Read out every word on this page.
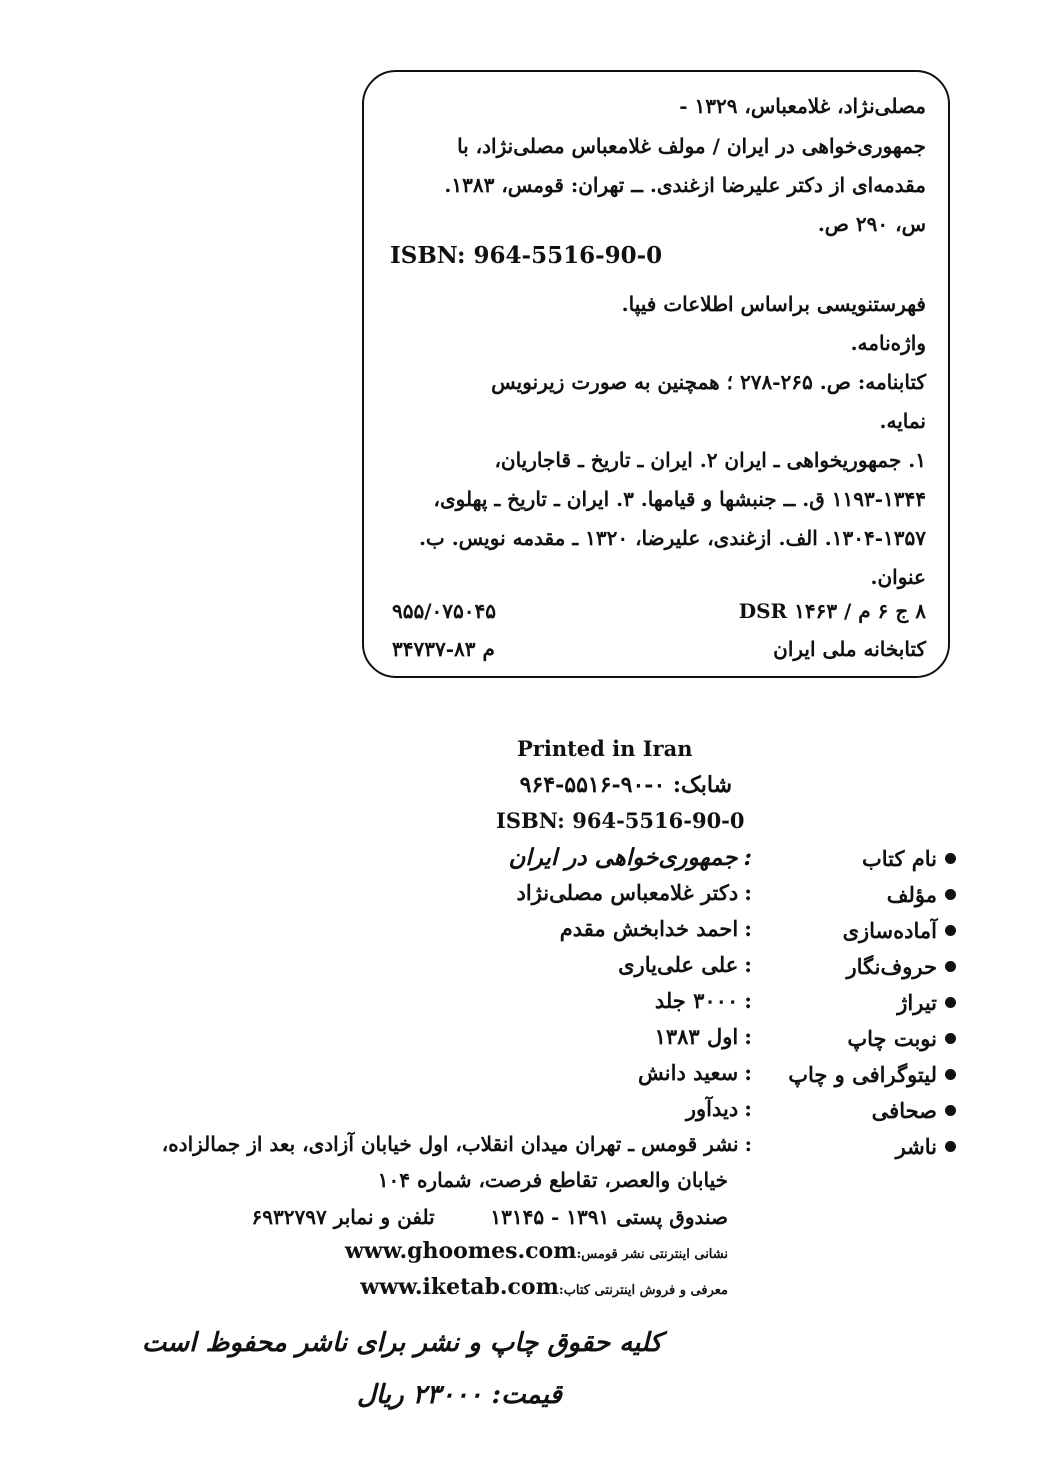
مصلی‌نژاد، غلامعباس، ۱۳۲۹ -
جمهوری‌خواهی در ایران / مولف غلامعباس مصلی‌نژاد، با
مقدمه‌ای از دکتر علیرضا ازغندی. ــ تهران: قومس، ۱۳۸۳.
س، ۲۹۰ ص.
ISBN: 964-5516-90-0
فهرستنویسی براساس اطلاعات فیپا.
واژه‌نامه.
کتابنامه: ص. ۲۶۵-۲۷۸ ؛ همچنین به صورت زیرنویس
نمایه.
۱. جمهوریخواهی ـ ایران ۲. ایران ـ تاریخ ـ قاجاریان،
۱۱۹۳-۱۳۴۴ ق. ــ جنبشها و قیامها. ۳. ایران ـ تاریخ ـ پهلوی،
۱۳۰۴-۱۳۵۷. الف. ازغندی، علیرضا، ۱۳۲۰ ـ مقدمه نویس. ب.
عنوان.
۸ ج ۶ م / DSR ۱۴۶۳
۹۵۵/۰۷۵۰۴۵
کتابخانه ملی ایران
م ۸۳-۳۴۷۳۷
Printed in Iran
شابک: ۰-۹۰-۵۵۱۶-۹۶۴
ISBN: 964-5516-90-0
نام کتاب
:جمهوری‌خواهی در ایران
مؤلف
:دکتر غلامعباس مصلی‌نژاد
آماده‌سازی
:احمد خدابخش مقدم
حروف‌نگار
:علی علی‌یاری
تیراژ
:۳۰۰۰ جلد
نوبت چاپ
:اول ۱۳۸۳
لیتوگرافی و چاپ
:سعید دانش
صحافی
:دیدآور
ناشر
:نشر قومس ـ تهران میدان انقلاب، اول خیابان آزادی، بعد از جمالزاده،
خیابان والعصر، تقاطع فرصت، شماره ۱۰۴
صندوق پستی ۱۳۹۱ - ۱۳۱۴۵        تلفن و نمابر ۶۹۳۲۷۹۷
نشانی اینترنتی نشر قومس:www.ghoomes.com
معرفی و فروش اینترنتی کتاب:www.iketab.com
کلیه حقوق چاپ و نشر برای ناشر محفوظ است
قیمت: ۲۳۰۰۰ ریال
